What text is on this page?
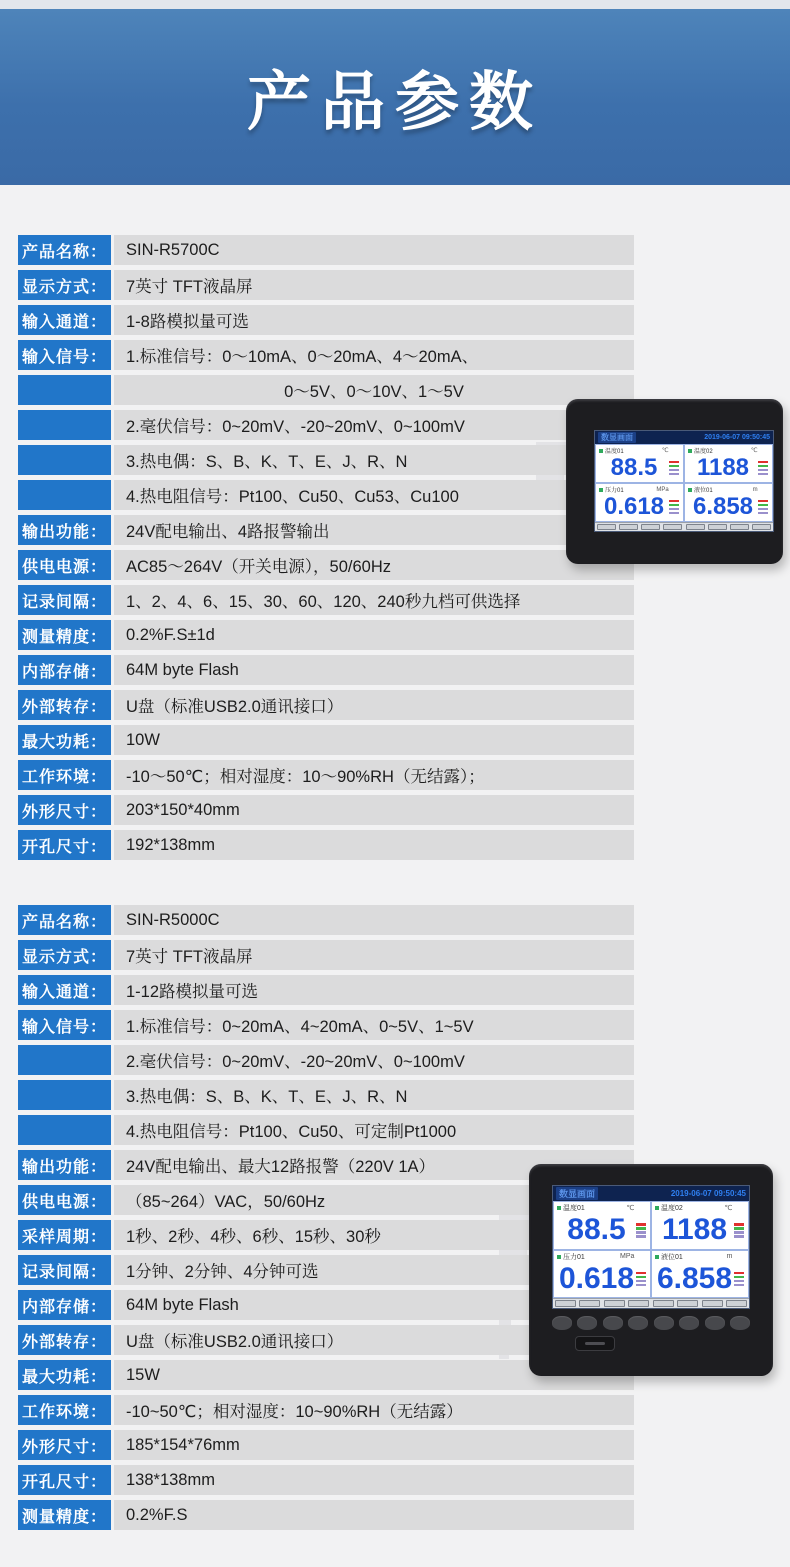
产品参数
产品名称：	SIN-R5700C
显示方式：	7英寸 TFT液晶屏
输入通道：	1-8路模拟量可选
输入信号：	1.标准信号：0～10mA、0～20mA、4～20mA、
0～5V、0～10V、1～5V
2.毫伏信号：0~20mV、-20~20mV、0~100mV
3.热电偶：S、B、K、T、E、J、R、N
4.热电阻信号：Pt100、Cu50、Cu53、Cu100
输出功能：	24V配电输出、4路报警输出
供电电源：	AC85～264V（开关电源），50/60Hz
记录间隔：	1、2、4、6、15、30、60、120、240秒九档可供选择
测量精度：	0.2%F.S±1d
内部存储：	64M byte Flash
外部转存：	U盘（标准USB2.0通讯接口）
最大功耗：	10W
工作环境：	-10～50℃；相对湿度：10～90%RH（无结露）；
外形尺寸：	203*150*40mm
开孔尺寸：	192*138mm
产品名称：	SIN-R5000C
显示方式：	7英寸 TFT液晶屏
输入通道：	1-12路模拟量可选
输入信号：	1.标准信号：0~20mA、4~20mA、0~5V、1~5V
2.毫伏信号：0~20mV、-20~20mV、0~100mV
3.热电偶：S、B、K、T、E、J、R、N
4.热电阻信号：Pt100、Cu50、可定制Pt1000
输出功能：	24V配电输出、最大12路报警（220V 1A）
供电电源：	（85~264）VAC，50/60Hz
采样周期：	1秒、2秒、4秒、6秒、15秒、30秒
记录间隔：	1分钟、2分钟、4分钟可选
内部存储：	64M byte Flash
外部转存：	U盘（标准USB2.0通讯接口）
最大功耗：	15W
工作环境：	-10~50℃；相对湿度：10~90%RH（无结露）
外形尺寸：	185*154*76mm
开孔尺寸：	138*138mm
测量精度：	0.2%F.S
数显画面	2019-06-07 09:50:45
温度01	℃
88.5
温度02	℃
1188
压力01	MPa
0.618
液位01	m
6.858
数显画面	2019-06-07 09:50:45
温度01	℃
88.5
温度02	℃
1188
压力01	MPa
0.618
液位01	m
6.858
